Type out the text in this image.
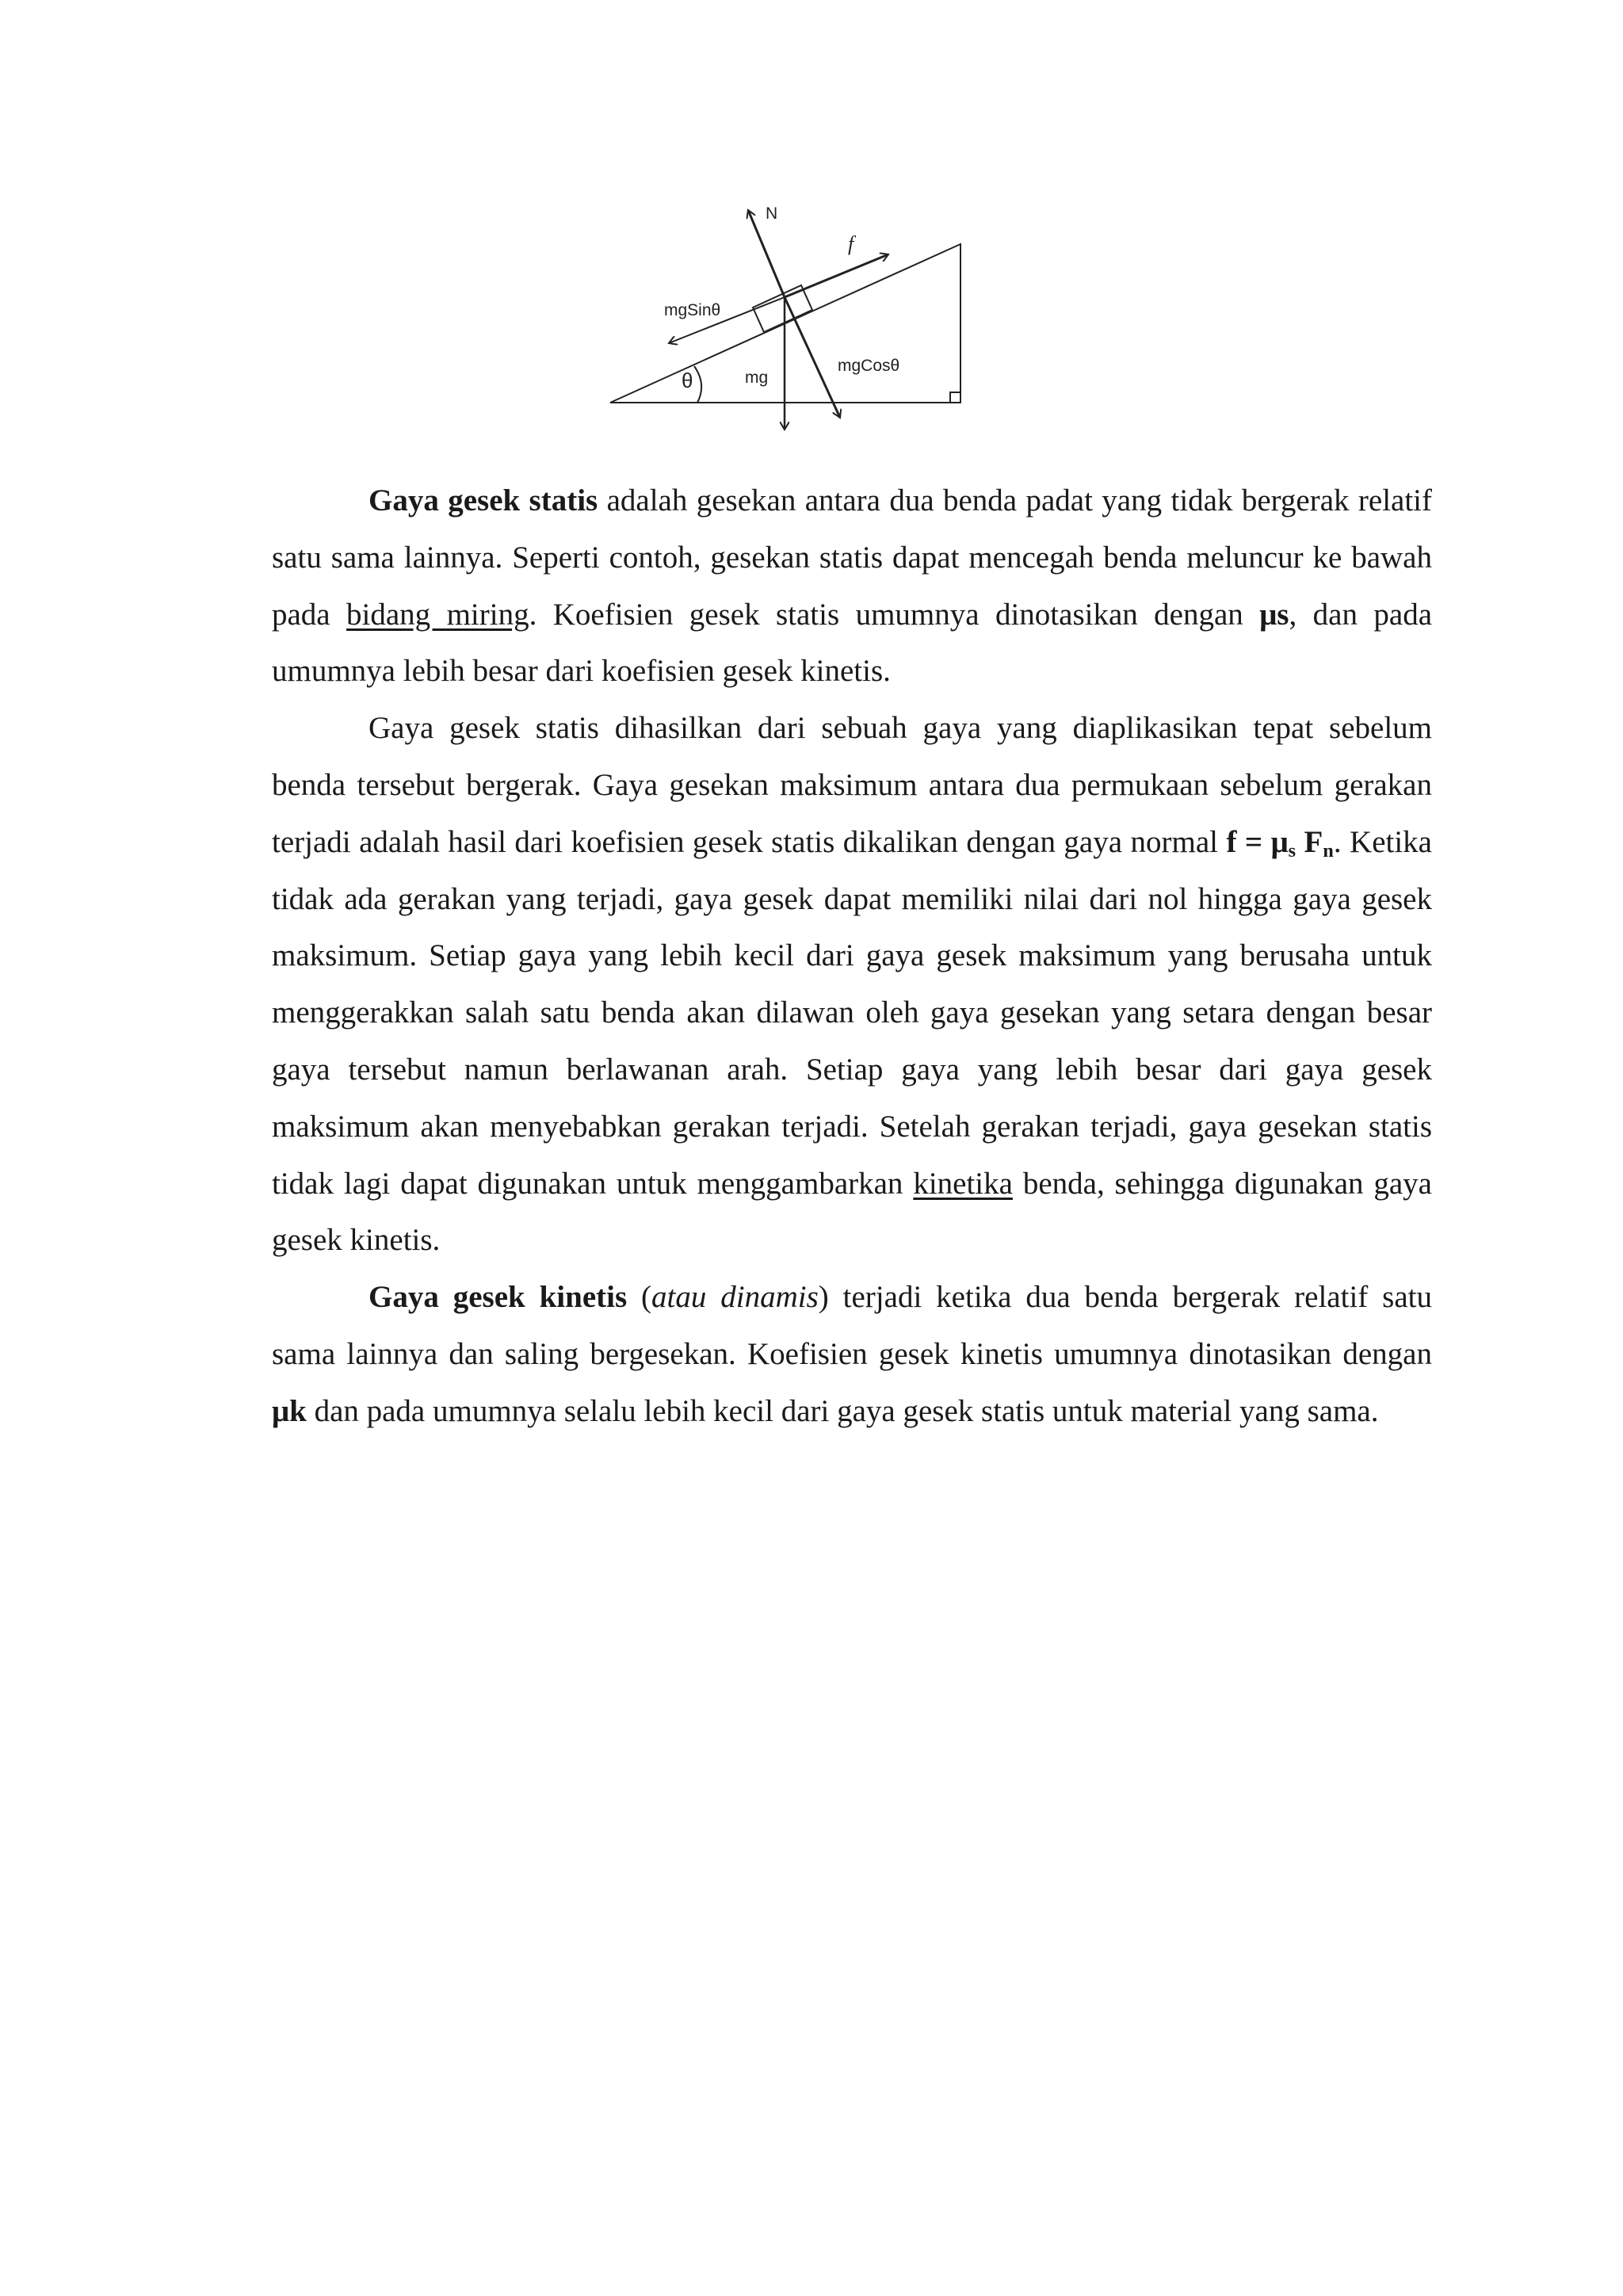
N
f
mgSinθ
mg
mgCosθ
θ

Gaya gesek statis adalah gesekan antara dua benda padat yang tidak bergerak relatif satu sama lainnya. Seperti contoh, gesekan statis dapat mencegah benda meluncur ke bawah pada bidang miring. Koefisien gesek statis umumnya dinotasikan dengan μs, dan pada umumnya lebih besar dari koefisien gesek kinetis.

Gaya gesek statis dihasilkan dari sebuah gaya yang diaplikasikan tepat sebelum benda tersebut bergerak. Gaya gesekan maksimum antara dua permukaan sebelum gerakan terjadi adalah hasil dari koefisien gesek statis dikalikan dengan gaya normal $f = \mu_s$ $F_n$. Ketika tidak ada gerakan yang terjadi, gaya gesek dapat memiliki nilai dari nol hingga gaya gesek maksimum. Setiap gaya yang lebih kecil dari gaya gesek maksimum yang berusaha untuk menggerakkan salah satu benda akan dilawan oleh gaya gesekan yang setara dengan besar gaya tersebut namun berlawanan arah. Setiap gaya yang lebih besar dari gaya gesek maksimum akan menyebabkan gerakan terjadi. Setelah gerakan terjadi, gaya gesekan statis tidak lagi dapat digunakan untuk menggambarkan kinetika benda, sehingga digunakan gaya gesek kinetis.

Gaya gesek kinetis (atau dinamis) terjadi ketika dua benda bergerak relatif satu sama lainnya dan saling bergesekan. Koefisien gesek kinetis umumnya dinotasikan dengan μk dan pada umumnya selalu lebih kecil dari gaya gesek statis untuk material yang sama.
